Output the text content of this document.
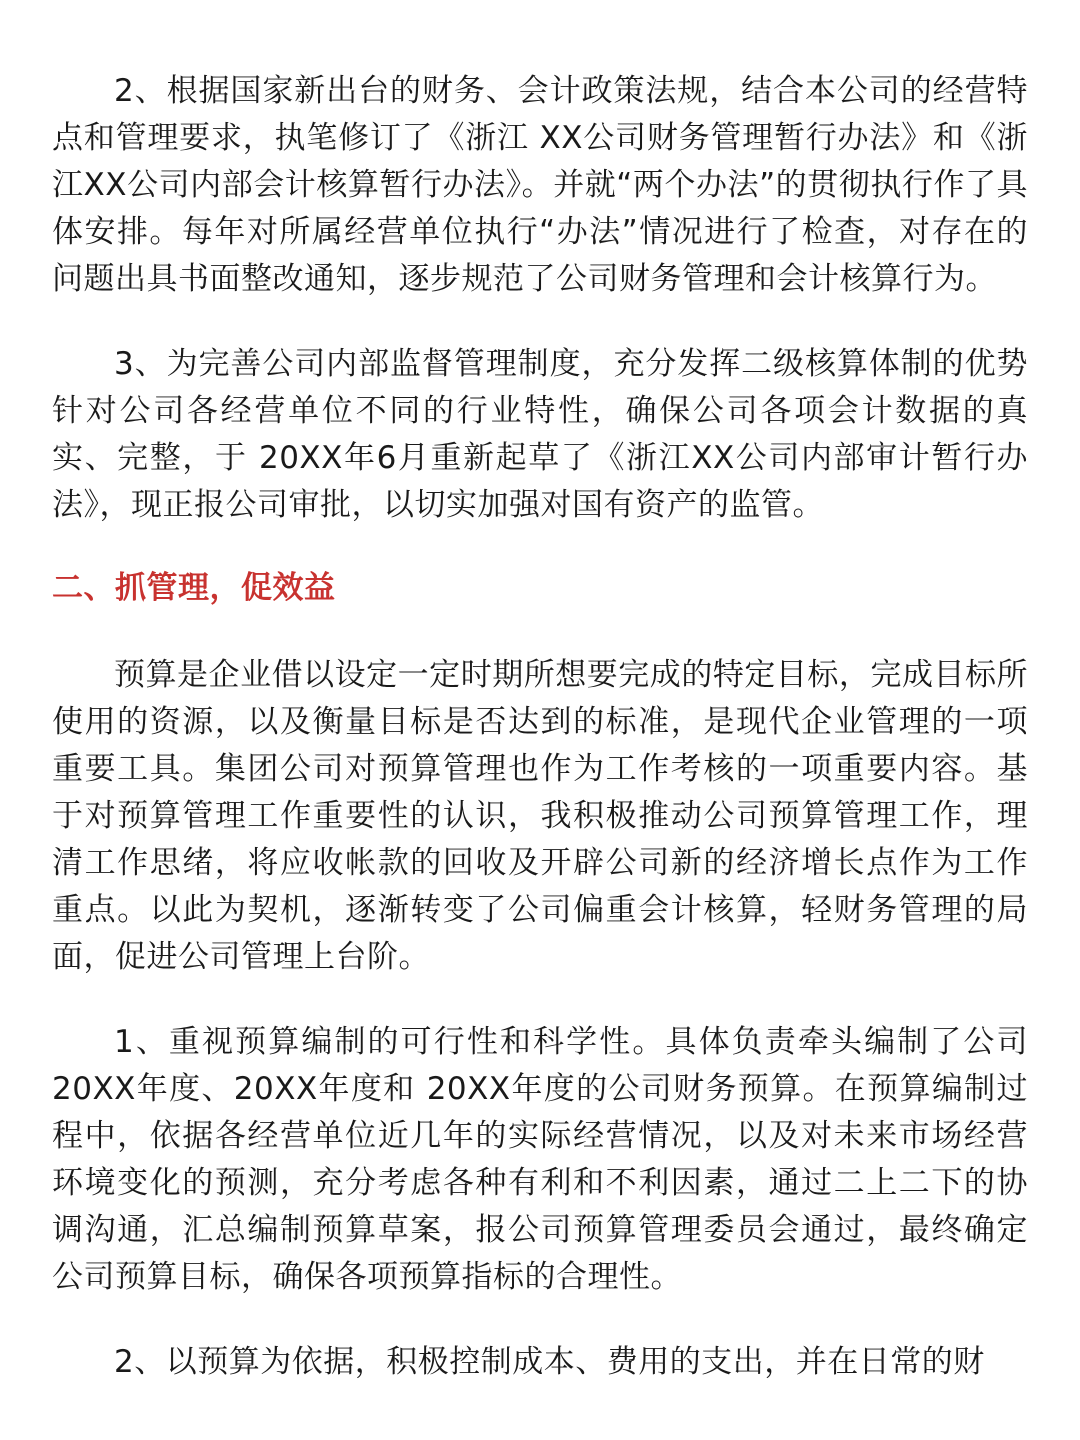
2、根据国家新出台的财务、会计政策法规，结合本公司的经营特点和管理要求，执笔修订了《浙江 XX公司财务管理暂行办法》和《浙江XX公司内部会计核算暂行办法》。并就“两个办法”的贯彻执行作了具体安排。每年对所属经营单位执行“办法”情况进行了检查，对存在的问题出具书面整改通知，逐步规范了公司财务管理和会计核算行为。

3、为完善公司内部监督管理制度，充分发挥二级核算体制的优势针对公司各经营单位不同的行业特性，确保公司各项会计数据的真实、完整，于 20XX年6月重新起草了《浙江XX公司内部审计暂行办法》，现正报公司审批，以切实加强对国有资产的监管。

二、抓管理，促效益

预算是企业借以设定一定时期所想要完成的特定目标，完成目标所使用的资源，以及衡量目标是否达到的标准，是现代企业管理的一项重要工具。集团公司对预算管理也作为工作考核的一项重要内容。基于对预算管理工作重要性的认识，我积极推动公司预算管理工作，理清工作思绪，将应收帐款的回收及开辟公司新的经济增长点作为工作重点。以此为契机，逐渐转变了公司偏重会计核算，轻财务管理的局面，促进公司管理上台阶。

1、重视预算编制的可行性和科学性。具体负责牵头编制了公司20XX年度、20XX年度和 20XX年度的公司财务预算。在预算编制过程中，依据各经营单位近几年的实际经营情况，以及对未来市场经营环境变化的预测，充分考虑各种有利和不利因素，通过二上二下的协调沟通，汇总编制预算草案，报公司预算管理委员会通过，最终确定公司预算目标，确保各项预算指标的合理性。

2、以预算为依据，积极控制成本、费用的支出，并在日常的财
